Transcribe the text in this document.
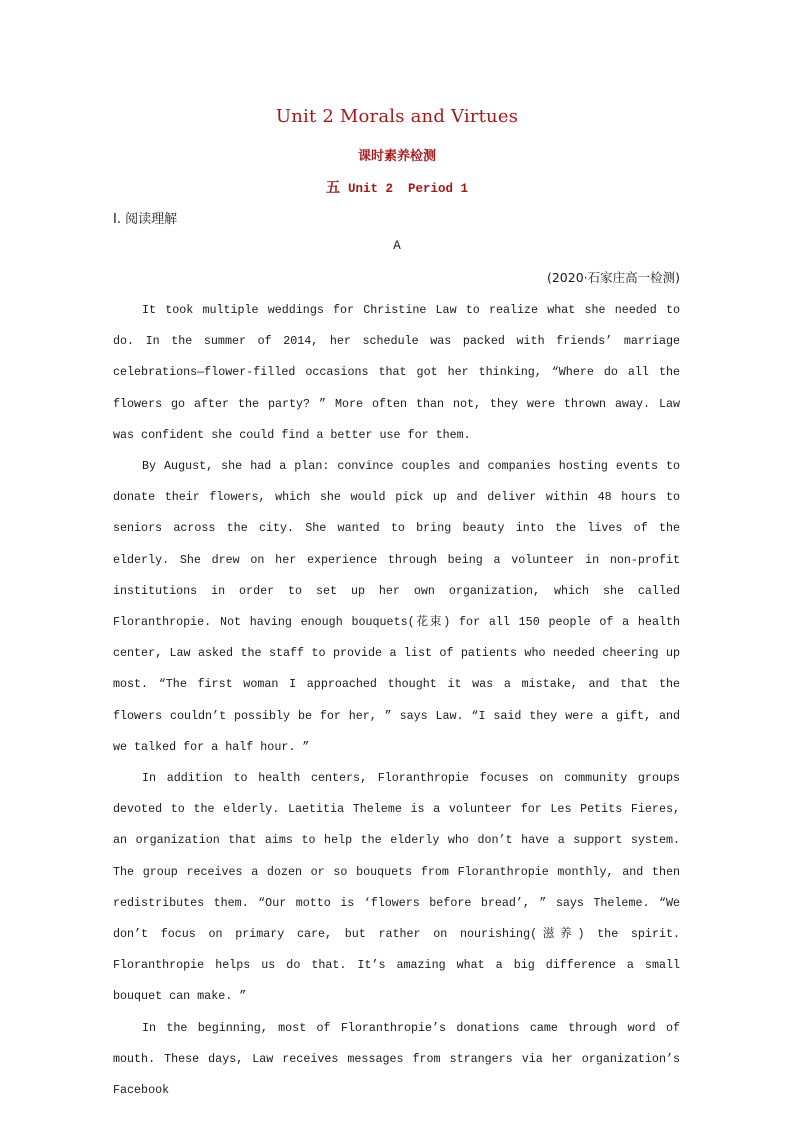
Unit 2 Morals and Virtues
课时素养检测
五 Unit 2  Period 1
Ⅰ. 阅读理解
A
(2020·石家庄高一检测)

It took multiple weddings for Christine Law to realize what she needed to do. In the summer of 2014, her schedule was packed with friends’ marriage celebrations—flower-filled occasions that got her thinking, “Where do all the flowers go after the party? ” More often than not, they were thrown away. Law was confident she could find a better use for them.

By August, she had a plan: convince couples and companies hosting events to donate their flowers, which she would pick up and deliver within 48 hours to seniors across the city. She wanted to bring beauty into the lives of the elderly. She drew on her experience through being a volunteer in non-profit institutions in order to set up her own organization, which she called Floranthropie. Not having enough bouquets(花束) for all 150 people of a health center, Law asked the staff to provide a list of patients who needed cheering up most. “The first woman I approached thought it was a mistake, and that the flowers couldn’t possibly be for her, ” says Law. “I said they were a gift, and we talked for a half hour. ”

In addition to health centers, Floranthropie focuses on community groups devoted to the elderly. Laetitia Theleme is a volunteer for Les Petits Fieres, an organization that aims to help the elderly who don’t have a support system. The group receives a dozen or so bouquets from Floranthropie monthly, and then redistributes them. “Our motto is ‘flowers before bread’, ” says Theleme. “We don’t focus on primary care, but rather on nourishing(滋养) the spirit. Floranthropie helps us do that. It’s amazing what a big difference a small bouquet can make. ”

In the beginning, most of Floranthropie’s donations came through word of mouth. These days, Law receives messages from strangers via her organization’s Facebook
